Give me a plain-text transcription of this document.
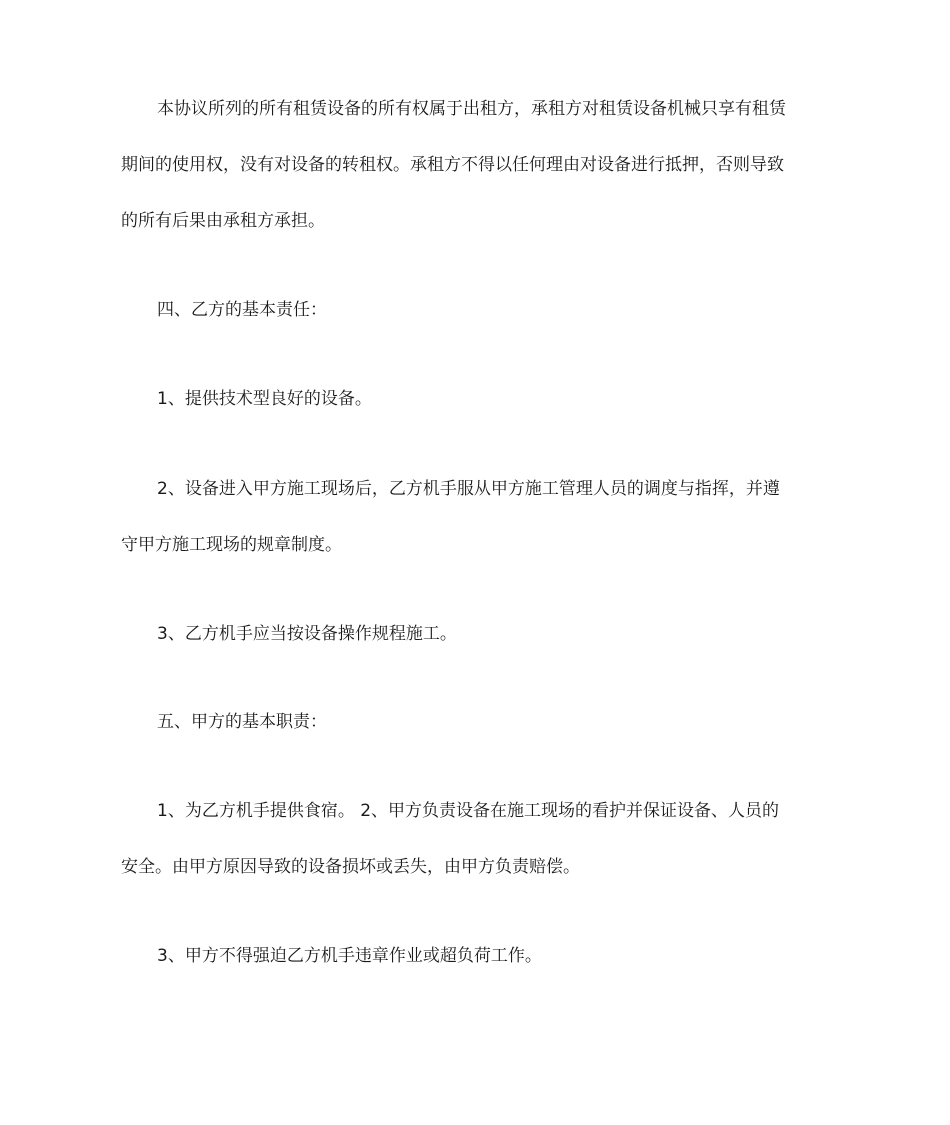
本协议所列的所有租赁设备的所有权属于出租方，承租方对租赁设备机械只享有租赁
期间的使用权，没有对设备的转租权。承租方不得以任何理由对设备进行抵押，否则导致
的所有后果由承租方承担。

四、乙方的基本责任：

1、提供技术型良好的设备。

2、设备进入甲方施工现场后，乙方机手服从甲方施工管理人员的调度与指挥，并遵
守甲方施工现场的规章制度。

3、乙方机手应当按设备操作规程施工。

五、甲方的基本职责：

1、为乙方机手提供食宿。 2、甲方负责设备在施工现场的看护并保证设备、人员的
安全。由甲方原因导致的设备损坏或丢失，由甲方负责赔偿。

3、甲方不得强迫乙方机手违章作业或超负荷工作。
